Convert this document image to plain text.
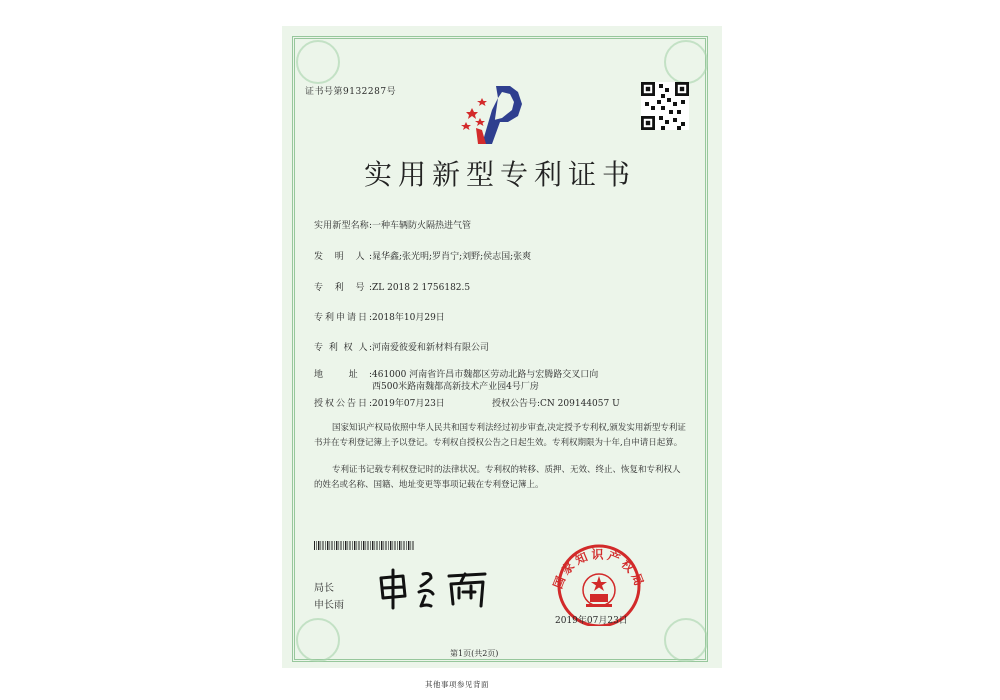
证书号第9132287号
实用新型专利证书
实用新型名称:一种车辆防火隔热进气管
发 明 人:晁华鑫;张光明;罗肖宁;刘野;侯志国;张爽
专 利 号:ZL 2018 2 1756182.5
专利申请日:2018年10月29日
专 利 权 人:河南爱彼爱和新材料有限公司
地 址:461000 河南省许昌市魏都区劳动北路与宏腾路交叉口向
西500米路南魏都高新技术产业园4号厂房
授权公告日:2019年07月23日	授权公告号:CN 209144057 U
国家知识产权局依照中华人民共和国专利法经过初步审查,决定授予专利权,颁发实用新型专利证书并在专利登记簿上予以登记。专利权自授权公告之日起生效。专利权期限为十年,自申请日起算。
专利证书记载专利权登记时的法律状况。专利权的转移、质押、无效、终止、恢复和专利权人的姓名或名称、国籍、地址变更等事项记载在专利登记簿上。
局长
申长雨
国家知识产权局
2019年07月23日
第1页(共2页)
其他事项参见背面
